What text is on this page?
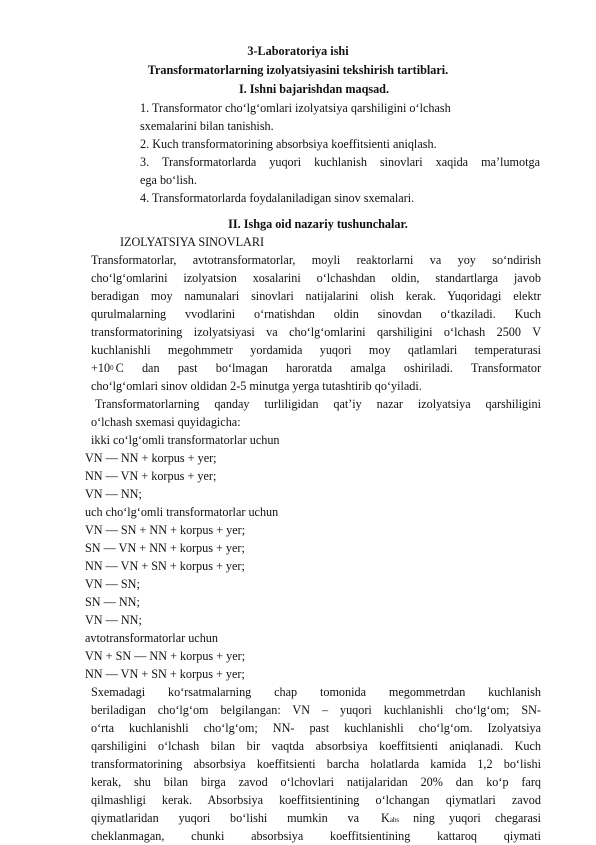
3-Laboratoriya ishi
Transformatorlarning izolyatsiyasini tekshirish tartiblari.
I. Ishni bajarishdan maqsad.
1. Transformator cho‘lg‘omlari izolyatsiya qarshiligini o‘lchash
sxemalarini bilan tanishish.
2. Kuch transformatorining absorbsiya koeffitsienti aniqlash.
3. Transformatorlarda yuqori kuchlanish sinovlari xaqida ma’lumotga
ega bo‘lish.
4. Transformatorlarda foydalaniladigan sinov sxemalari.
II. Ishga oid nazariy tushunchalar.
IZOLYATSIYA SINOVLARI
Transformatorlar, avtotransformatorlar, moyli reaktorlarni va yoy so‘ndirish
cho‘lg‘omlarini izolyatsion xosalarini o‘lchashdan oldin, standartlarga javob
beradigan moy namunalari sinovlari natijalarini olish kerak. Yuqoridagi elektr
qurulmalarning vvodlarini o‘rnatishdan oldin sinovdan o‘tkaziladi. Kuch
transformatorining izolyatsiyasi va cho‘lg‘omlarini qarshiligini o‘lchash 2500 V
kuchlanishli megohmmetr yordamida yuqori moy qatlamlari temperaturasi
+10 0 C dan past bo‘lmagan haroratda amalga oshiriladi. Transformator
cho‘lg‘omlari sinov oldidan 2-5 minutga yerga tutashtirib qo‘yiladi.
Transformatorlarning qanday turliligidan qat’iy nazar izolyatsiya qarshiligini
o‘lchash sxemasi quyidagicha:
ikki co‘lg‘omli transformatorlar uchun
VN — NN + korpus + yer;
NN — VN + korpus + yer;
VN — NN;
uch cho‘lg‘omli transformatorlar uchun
VN — SN + NN + korpus + yer;
SN — VN + NN + korpus + yer;
NN — VN + SN + korpus + yer;
VN — SN;
SN — NN;
VN — NN;
avtotransformatorlar uchun
VN + SN — NN + korpus + yer;
NN — VN + SN + korpus + yer;
Sxemadagi ko‘rsatmalarning chap tomonida megommetrdan kuchlanish
beriladigan cho‘lg‘om belgilangan: VN – yuqori kuchlanishli cho‘lg‘om; SN-
o‘rta kuchlanishli cho‘lg‘om; NN- past kuchlanishli cho‘lg‘om. Izolyatsiya
qarshiligini o‘lchash bilan bir vaqtda absorbsiya koeffitsienti aniqlanadi. Kuch
transformatorining absorbsiya koeffitsienti barcha holatlarda kamida 1,2 bo‘lishi
kerak, shu bilan birga zavod o‘lchovlari natijalaridan 20% dan ko‘p farq
qilmashligi kerak. Absorbsiya koeffitsientining o‘lchangan qiymatlari zavod
qiymatlaridan yuqori bo‘lishi mumkin va K abs ning yuqori chegarasi
cheklanmagan, chunki absorbsiya koeffitsientining kattaroq qiymati
